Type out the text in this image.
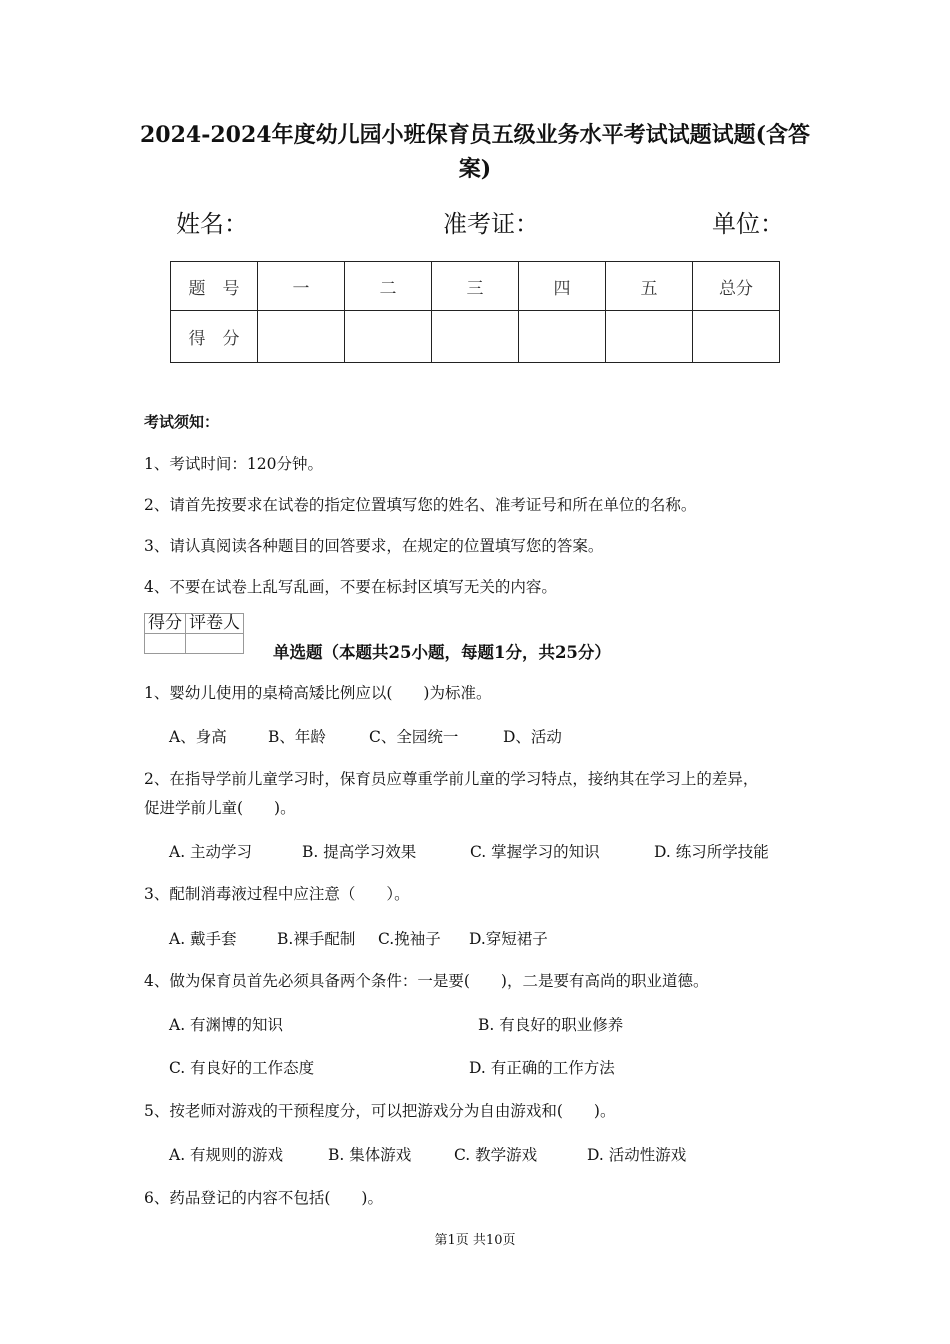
2024-2024年度幼儿园小班保育员五级业务水平考试试题试题(含答
案)
姓名：	准考证：	单位：
题　号	一	二	三	四	五	总分
得　分						
考试须知：
1、考试时间：120分钟。
2、请首先按要求在试卷的指定位置填写您的姓名、准考证号和所在单位的名称。
3、请认真阅读各种题目的回答要求，在规定的位置填写您的答案。
4、不要在试卷上乱写乱画，不要在标封区填写无关的内容。
得分	评卷人

单选题（本题共25小题，每题1分，共25分）
1、婴幼儿使用的桌椅高矮比例应以(　　)为标准。
A、身高	B、年龄	C、全园统一	D、活动
2、在指导学前儿童学习时，保育员应尊重学前儿童的学习特点，接纳其在学习上的差异，
促进学前儿童(　　)。
A. 主动学习	B. 提高学习效果	C. 掌握学习的知识	D. 练习所学技能
3、配制消毒液过程中应注意（　　）。
A. 戴手套	B.裸手配制 C.挽袖子 D.穿短裙子
4、做为保育员首先必须具备两个条件：一是要(　　)，二是要有高尚的职业道德。
A. 有渊博的知识	B. 有良好的职业修养
C. 有良好的工作态度	D. 有正确的工作方法
5、按老师对游戏的干预程度分，可以把游戏分为自由游戏和(　　)。
A. 有规则的游戏	B. 集体游戏	C. 教学游戏	D. 活动性游戏
6、药品登记的内容不包括(　　)。
第1页 共10页
